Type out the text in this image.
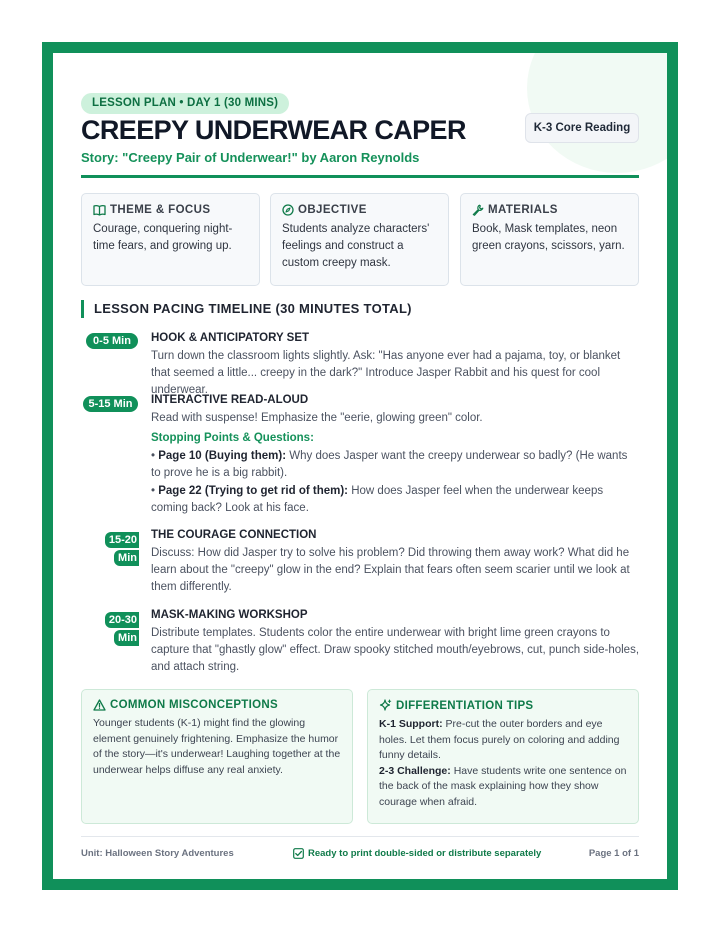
LESSON PLAN • DAY 1 (30 MINS)
K-3 Core Reading
CREEPY UNDERWEAR CAPER
Story: "Creepy Pair of Underwear!" by Aaron Reynolds
THEME & FOCUS
Courage, conquering night-time fears, and growing up.
OBJECTIVE
Students analyze characters' feelings and construct a custom creepy mask.
MATERIALS
Book, Mask templates, neon green crayons, scissors, yarn.
LESSON PACING TIMELINE (30 MINUTES TOTAL)
0-5 Min	HOOK & ANTICIPATORY SET
Turn down the classroom lights slightly. Ask: "Has anyone ever had a pajama, toy, or blanket that seemed a little... creepy in the dark?" Introduce Jasper Rabbit and his quest for cool underwear.
5-15 Min	INTERACTIVE READ-ALOUD
Read with suspense! Emphasize the "eerie, glowing green" color.
Stopping Points & Questions:
• Page 10 (Buying them): Why does Jasper want the creepy underwear so badly? (He wants to prove he is a big rabbit).
• Page 22 (Trying to get rid of them): How does Jasper feel when the underwear keeps coming back? Look at his face.
15-20
Min
THE COURAGE CONNECTION
Discuss: How did Jasper try to solve his problem? Did throwing them away work? What did he learn about the "creepy" glow in the end? Explain that fears often seem scarier until we look at them differently.
20-30
Min
MASK-MAKING WORKSHOP
Distribute templates. Students color the entire underwear with bright lime green crayons to capture that "ghastly glow" effect. Draw spooky stitched mouth/eyebrows, cut, punch side-holes, and attach string.
COMMON MISCONCEPTIONS
Younger students (K-1) might find the glowing element genuinely frightening. Emphasize the humor of the story—it's underwear! Laughing together at the underwear helps diffuse any real anxiety.
DIFFERENTIATION TIPS
K-1 Support: Pre-cut the outer borders and eye holes. Let them focus purely on coloring and adding funny details.
2-3 Challenge: Have students write one sentence on the back of the mask explaining how they show courage when afraid.
Unit: Halloween Story Adventures	Ready to print double-sided or distribute separately	Page 1 of 1
